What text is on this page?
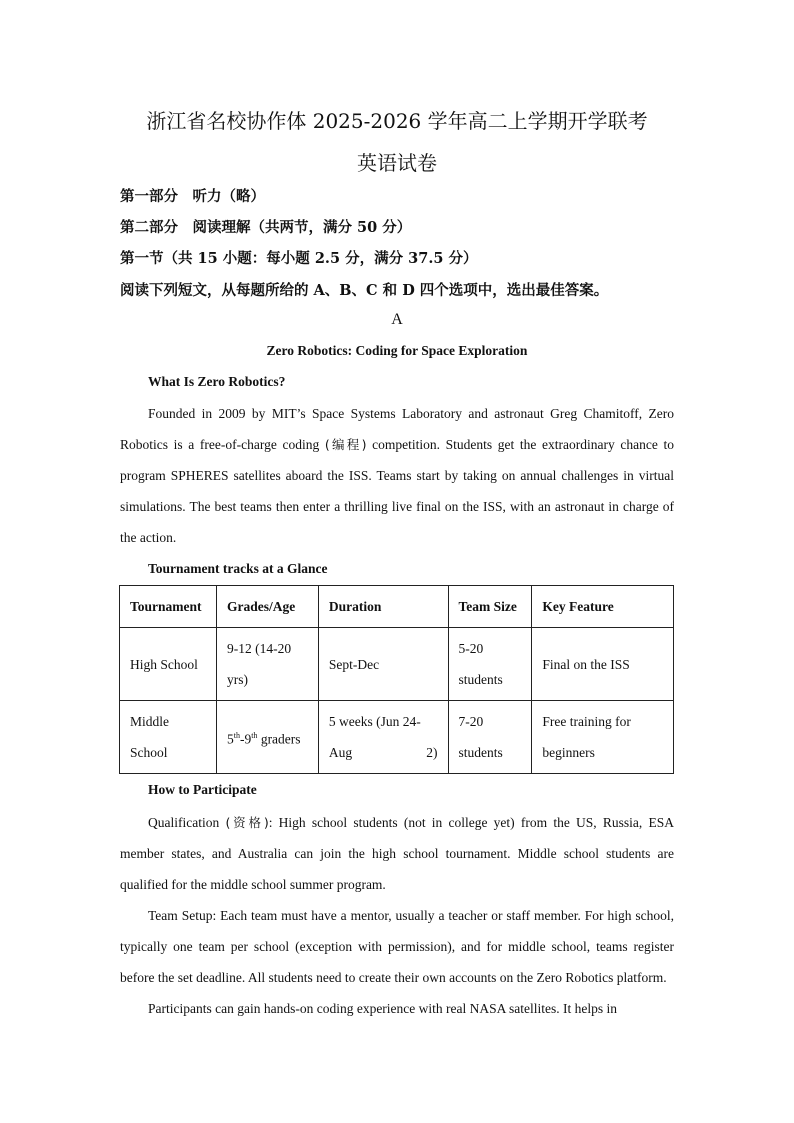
浙江省名校协作体 2025-2026 学年高二上学期开学联考
英语试卷
第一部分　听力（略）
第二部分　阅读理解（共两节，满分 50 分）
第一节（共 15 小题：每小题 2.5 分，满分 37.5 分）
阅读下列短文，从每题所给的 A、B、C 和 D 四个选项中，选出最佳答案。
A
Zero Robotics: Coding for Space Exploration
What Is Zero Robotics?
Founded in 2009 by MIT’s Space Systems Laboratory and astronaut Greg Chamitoff, Zero Robotics is a free-of-charge coding (编程) competition. Students get the extraordinary chance to program SPHERES satellites aboard the ISS. Teams start by taking on annual challenges in virtual simulations. The best teams then enter a thrilling live final on the ISS, with an astronaut in charge of the action.
Tournament tracks at a Glance
Tournament	Grades/Age	Duration	Team Size	Key Feature
High School	9-12 (14-20 yrs)	Sept-Dec	5-20 students	Final on the ISS
Middle School	5th-9th graders	5 weeks (Jun 24-Aug 2)	7-20 students	Free training for beginners
How to Participate
Qualification (资格): High school students (not in college yet) from the US, Russia, ESA member states, and Australia can join the high school tournament. Middle school students are qualified for the middle school summer program.
Team Setup: Each team must have a mentor, usually a teacher or staff member. For high school, typically one team per school (exception with permission), and for middle school, teams register before the set deadline. All students need to create their own accounts on the Zero Robotics platform.
Participants can gain hands-on coding experience with real NASA satellites. It helps in
